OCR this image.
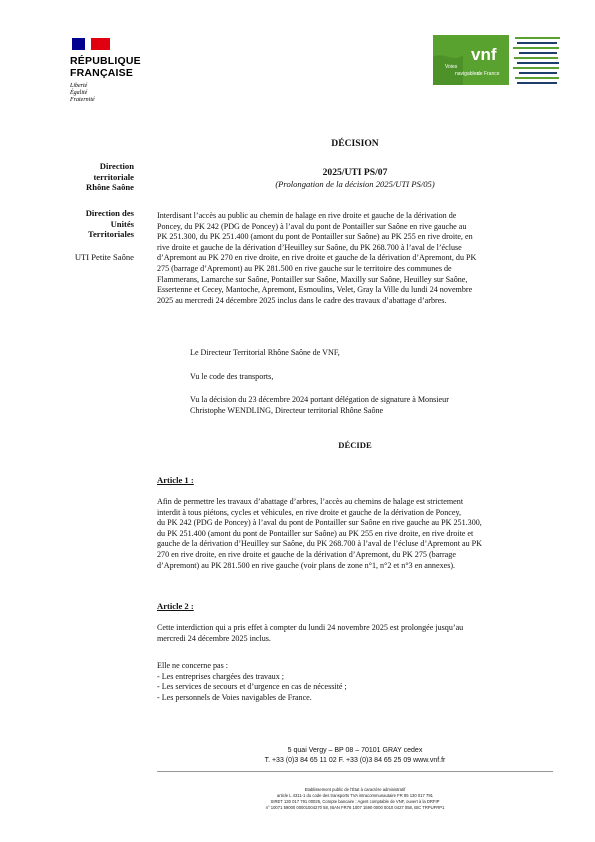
RÉPUBLIQUE
FRANÇAISE
Liberté
Égalité
Fraternité
vnf
Voies
navigables
de France
Direction
territoriale
Rhône Saône
Direction des
Unités
Territoriales
UTI Petite Saône
DÉCISION
2025/UTI PS/07
(Prolongation de la décision 2025/UTI PS/05)
Interdisant l’accès au public au chemin de halage en rive droite et gauche de la dérivation de
Poncey, du PK 242 (PDG de Poncey) à l’aval du pont de Pontailler sur Saône en rive gauche au
PK 251.300, du PK 251.400 (amont du pont de Pontailler sur Saône) au PK 255 en rive droite, en
rive droite et gauche de la dérivation d’Heuilley sur Saône, du PK 268.700 à l’aval de l’écluse
d’Apremont au PK 270 en rive droite, en rive droite et gauche de la dérivation d’Apremont, du PK
275 (barrage d’Apremont) au PK 281.500 en rive gauche sur le territoire des communes de
Flammerans, Lamarche sur Saône, Pontailler sur Saône, Maxilly sur Saône, Heuilley sur Saône,
Essertenne et Cecey, Mantoche, Apremont, Esmoulins, Velet, Gray la Ville du lundi 24 novembre
2025 au mercredi 24 décembre 2025 inclus dans le cadre des travaux d’abattage d’arbres.
Le Directeur Territorial Rhône Saône de VNF,
Vu le code des transports,
Vu la décision du 23 décembre 2024 portant délégation de signature à Monsieur
Christophe WENDLING, Directeur territorial Rhône Saône
DÉCIDE
Article 1 :
Afin de permettre les travaux d’abattage d’arbres, l’accès au chemins de halage est strictement
interdit à tous piétons, cycles et véhicules, en rive droite et gauche de la dérivation de Poncey,
du PK 242 (PDG de Poncey) à l’aval du pont de Pontailler sur Saône en rive gauche au PK 251.300,
du PK 251.400 (amont du pont de Pontailler sur Saône) au PK 255 en rive droite, en rive droite et
gauche de la dérivation d’Heuilley sur Saône, du PK 268.700 à l’aval de l’écluse d’Apremont au PK
270 en rive droite, en rive droite et gauche de la dérivation d’Apremont, du PK 275 (barrage
d’Apremont) au PK 281.500 en rive gauche (voir plans de zone n°1, n°2 et n°3 en annexes).
Article 2 :
Cette interdiction qui a pris effet à compter du lundi 24 novembre 2025 est prolongée jusqu’au
mercredi 24 décembre 2025 inclus.
Elle ne concerne pas :
- Les entreprises chargées des travaux ;
- Les services de secours et d’urgence en cas de nécessité ;
- Les personnels de Voies navigables de France.
5 quai Vergy – BP 08 – 70101 GRAY cedex
T. +33 (0)3 84 65 11 02 F. +33 (0)3 84 65 25 09 www.vnf.fr
Etablissement public de l’État à caractère administratif
article L 4311-1 du code des transports TVA intracommunautaire FR 85 130 017 791
SIRET 130 017 791 00025, Compte bancaire : Agent comptable de VNF, ouvert à la DRFIP
n° 10071 59000 00001004270 58, IBAN FR76 1007 1590 0000 0010 0427 058, BIC TRPUFRP1
